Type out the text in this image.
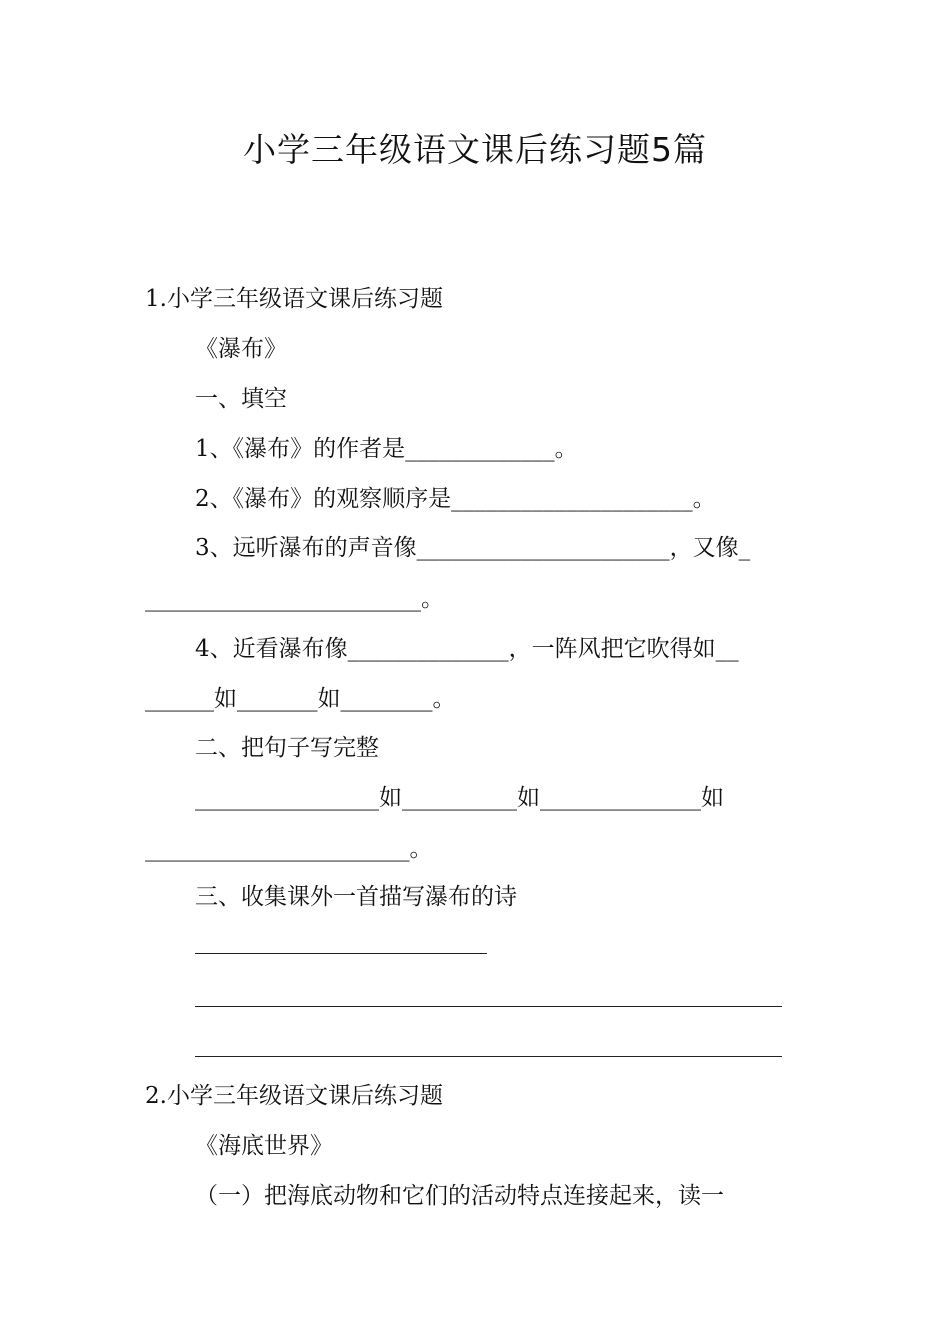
小学三年级语文课后练习题5篇
1.小学三年级语文课后练习题
《瀑布》
一、填空
1、《瀑布》的作者是_____________。
2、《瀑布》的观察顺序是_____________________。
3、远听瀑布的声音像______________________，又像_
________________________。
4、近看瀑布像______________，一阵风把它吹得如__
______如_______如________。
二、把句子写完整
________________如__________如______________如
_______________________。
三、收集课外一首描写瀑布的诗
2.小学三年级语文课后练习题
《海底世界》
（一）把海底动物和它们的活动特点连接起来，读一
